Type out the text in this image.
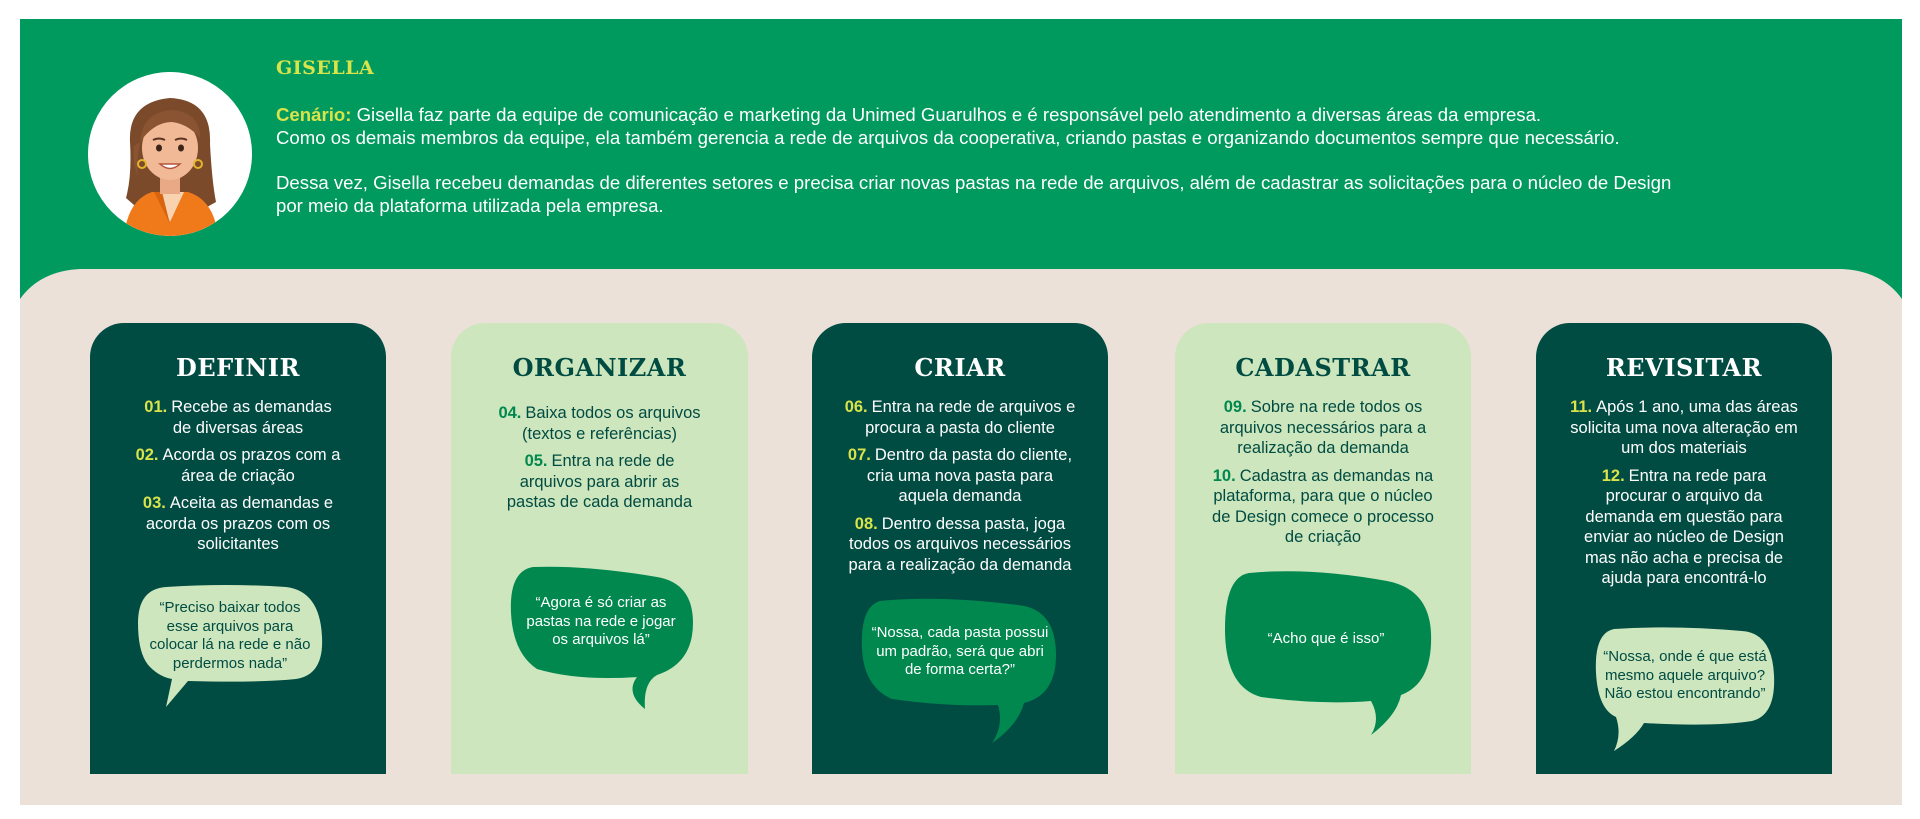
GISELLA

Cenário: Gisella faz parte da equipe de comunicação e marketing da Unimed Guarulhos e é responsável pelo atendimento a diversas áreas da empresa.

Como os demais membros da equipe, ela também gerencia a rede de arquivos da cooperativa, criando pastas e organizando documentos sempre que necessário.

Dessa vez, Gisella recebeu demandas de diferentes setores e precisa criar novas pastas na rede de arquivos, além de cadastrar as solicitações para o núcleo de Design

por meio da plataforma utilizada pela empresa.

DEFINIR
01. Recebe as demandas de diversas áreas
02. Acorda os prazos com a área de criação
03. Aceita as demandas e acorda os prazos com os solicitantes
“Preciso baixar todos esse arquivos para colocar lá na rede e não perdermos nada”
ORGANIZAR
04. Baixa todos os arquivos (textos e referências)
05. Entra na rede de arquivos para abrir as pastas de cada demanda
“Agora é só criar as pastas na rede e jogar os arquivos lá”
CRIAR
06. Entra na rede de arquivos e procura a pasta do cliente
07. Dentro da pasta do cliente, cria uma nova pasta para aquela demanda
08. Dentro dessa pasta, joga todos os arquivos necessários para a realização da demanda
“Nossa, cada pasta possui um padrão, será que abri de forma certa?”
CADASTRAR
09. Sobre na rede todos os arquivos necessários para a realização da demanda
10. Cadastra as demandas na plataforma, para que o núcleo de Design comece o processo de criação
“Acho que é isso”
REVISITAR
11. Após 1 ano, uma das áreas solicita uma nova alteração em um dos materiais
12. Entra na rede para procurar o arquivo da demanda em questão para enviar ao núcleo de Design mas não acha e precisa de ajuda para encontrá-lo
“Nossa, onde é que está mesmo aquele arquivo? Não estou encontrando”
